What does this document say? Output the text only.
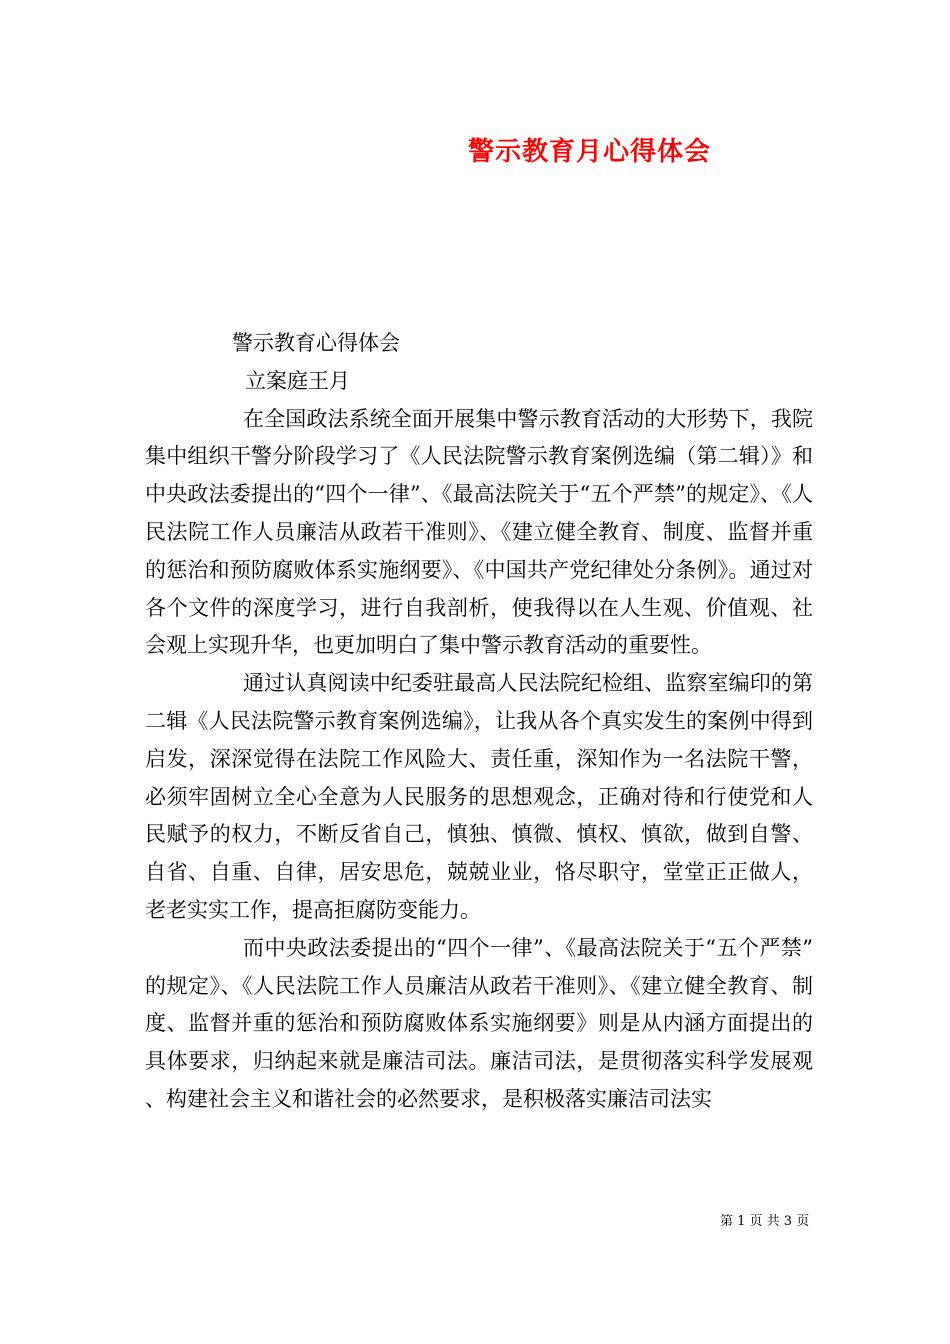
警示教育月心得体会
警示教育心得体会
立案庭王月

在全国政法系统全面开展集中警示教育活动的大形势下，我院集中组织干警分阶段学习了《人民法院警示教育案例选编（第二辑）》和中央政法委提出的“四个一律”、《最高法院关于“五个严禁”的规定》、《人民法院工作人员廉洁从政若干准则》、《建立健全教育、制度、监督并重的惩治和预防腐败体系实施纲要》、《中国共产党纪律处分条例》。通过对各个文件的深度学习，进行自我剖析，使我得以在人生观、价值观、社会观上实现升华，也更加明白了集中警示教育活动的重要性。

通过认真阅读中纪委驻最高人民法院纪检组、监察室编印的第二辑《人民法院警示教育案例选编》，让我从各个真实发生的案例中得到启发，深深觉得在法院工作风险大、责任重，深知作为一名法院干警，必须牢固树立全心全意为人民服务的思想观念，正确对待和行使党和人民赋予的权力，不断反省自己，慎独、慎微、慎权、慎欲，做到自警、自省、自重、自律，居安思危，兢兢业业，恪尽职守，堂堂正正做人，老老实实工作，提高拒腐防变能力。

而中央政法委提出的“四个一律”、《最高法院关于“五个严禁”的规定》、《人民法院工作人员廉洁从政若干准则》、《建立健全教育、制度、监督并重的惩治和预防腐败体系实施纲要》则是从内涵方面提出的具体要求，归纳起来就是廉洁司法。廉洁司法，是贯彻落实科学发展观、构建社会主义和谐社会的必然要求，是积极落实廉洁司法实

第 1 页 共 3 页
